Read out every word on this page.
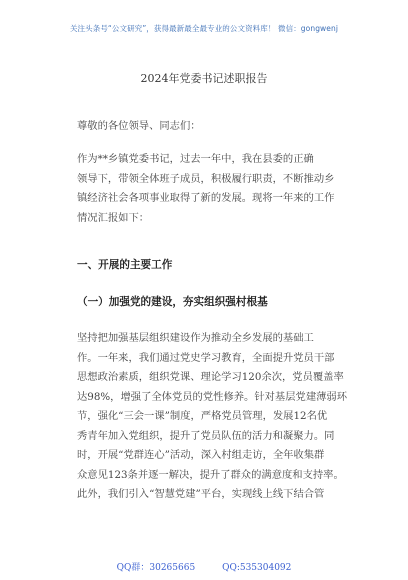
关注头条号“公文研究”，获得最新最全最专业的公文资料库！ 微信：gongwenj
2024年党委书记述职报告
尊敬的各位领导、同志们：
作为**乡镇党委书记，过去一年中，我在县委的正确
领导下，带领全体班子成员，积极履行职责，不断推动乡
镇经济社会各项事业取得了新的发展。现将一年来的工作
情况汇报如下：
一、开展的主要工作
（一）加强党的建设，夯实组织强村根基
坚持把加强基层组织建设作为推动全乡发展的基础工
作。一年来，我们通过党史学习教育，全面提升党员干部
思想政治素质，组织党课、理论学习120余次，党员覆盖率
达98%，增强了全体党员的党性修养。针对基层党建薄弱环
节，强化“三会一课”制度，严格党员管理，发展12名优
秀青年加入党组织，提升了党员队伍的活力和凝聚力。同
时，开展“党群连心”活动，深入村组走访，全年收集群
众意见123条并逐一解决，提升了群众的满意度和支持率。
此外，我们引入“智慧党建”平台，实现线上线下结合管
QQ群：30265665	QQ:535304092
